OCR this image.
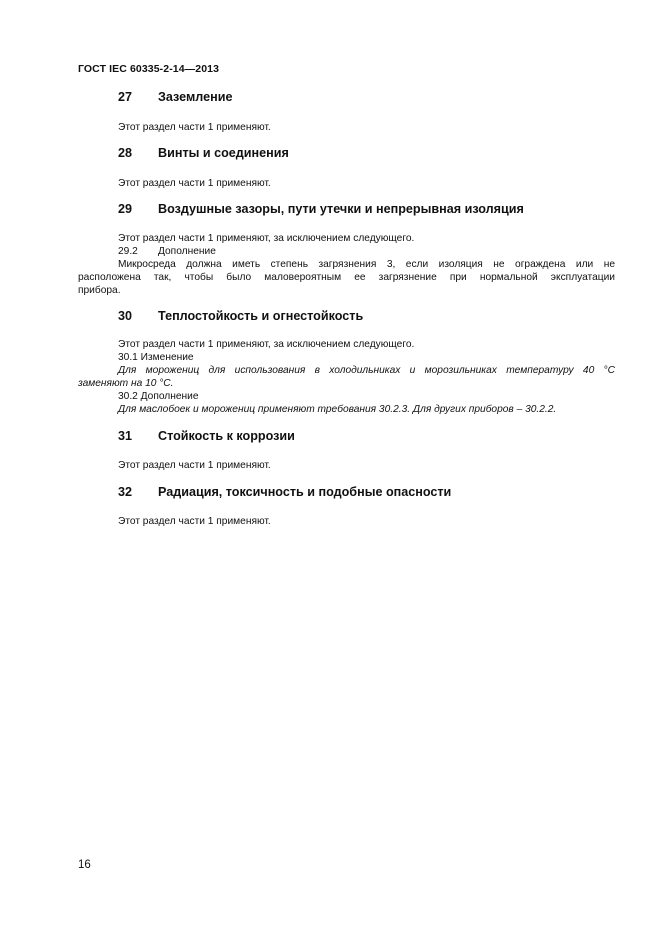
ГОСТ IEC 60335-2-14—2013
27 Заземление
Этот раздел части 1 применяют.
28 Винты и соединения
Этот раздел части 1 применяют.
29 Воздушные зазоры, пути утечки и непрерывная изоляция
Этот раздел части 1 применяют, за исключением следующего.
29.2 Дополнение
Микросреда должна иметь степень загрязнения 3, если изоляция не ограждена или не
расположена так, чтобы было маловероятным ее загрязнение при нормальной эксплуатации
прибора.
30 Теплостойкость и огнестойкость
Этот раздел части 1 применяют, за исключением следующего.
30.1 Изменение
Для морожениц для использования в холодильниках и морозильниках температуру 40 °С
заменяют на 10 °С.
30.2 Дополнение
Для маслобоек и морожениц применяют требования 30.2.3. Для других приборов – 30.2.2.
31 Стойкость к коррозии
Этот раздел части 1 применяют.
32 Радиация, токсичность и подобные опасности
Этот раздел части 1 применяют.
16
